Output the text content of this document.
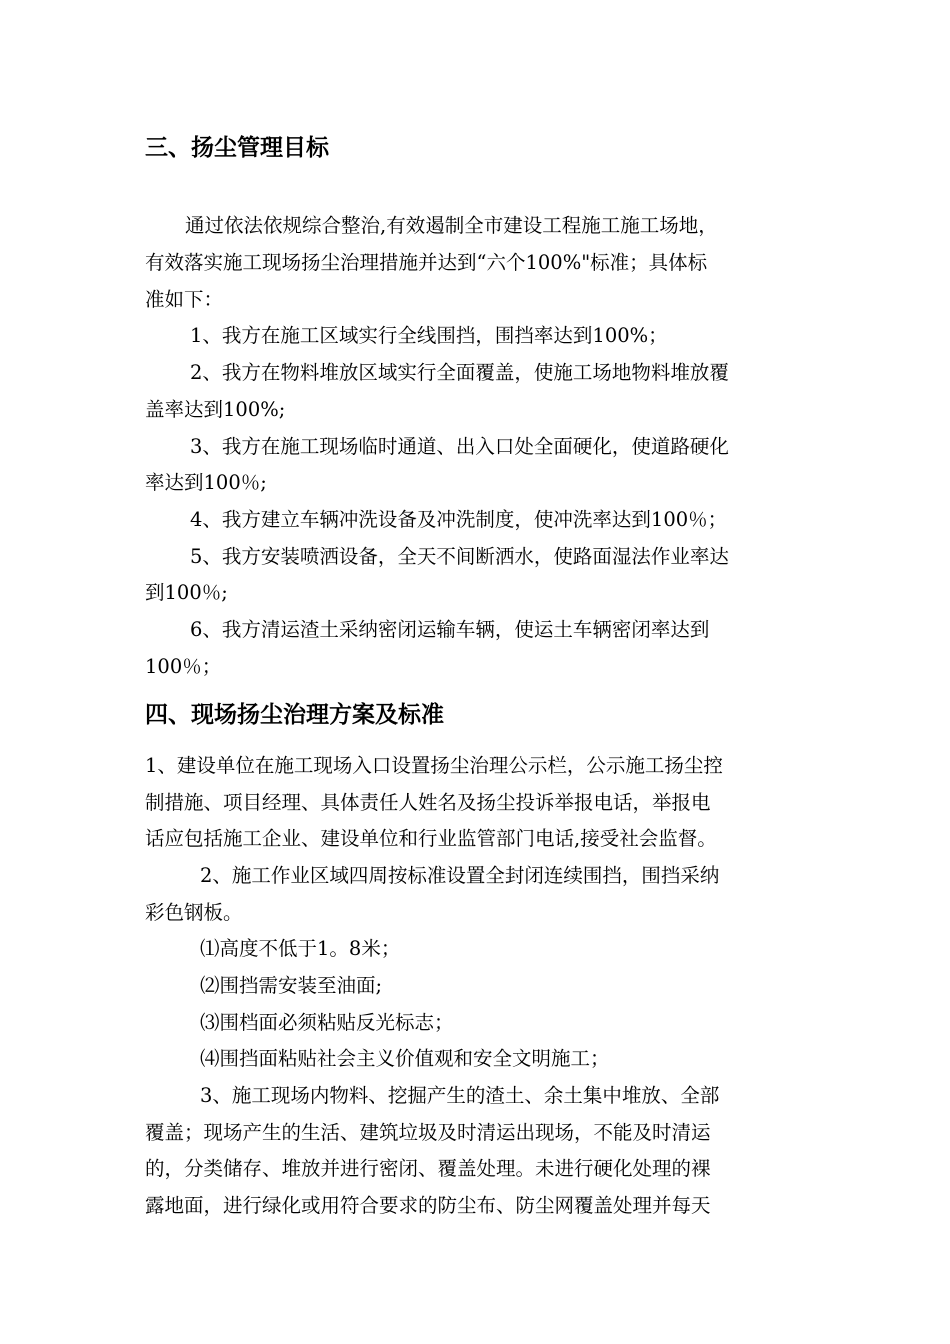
三、扬尘管理目标

通过依法依规综合整治,有效遏制全市建设工程施工施工场地，

有效落实施工现场扬尘治理措施并达到“六个100%"标准；具体标

准如下：

1、我方在施工区域实行全线围挡，围挡率达到100%；

2、我方在物料堆放区域实行全面覆盖，使施工场地物料堆放覆

盖率达到100%;

3、我方在施工现场临时通道、出入口处全面硬化，使道路硬化

率达到100％;

4、我方建立车辆冲洗设备及冲洗制度，使冲洗率达到100％；

5、我方安装喷洒设备，全天不间断洒水，使路面湿法作业率达

到100％;

6、我方清运渣土采纳密闭运输车辆，使运土车辆密闭率达到

100％；

四、现场扬尘治理方案及标准

1、建设单位在施工现场入口设置扬尘治理公示栏，公示施工扬尘控

制措施、项目经理、具体责任人姓名及扬尘投诉举报电话，举报电

话应包括施工企业、建设单位和行业监管部门电话,接受社会监督。

2、施工作业区域四周按标准设置全封闭连续围挡，围挡采纳

彩色钢板。

⑴高度不低于1。8米；

⑵围挡需安装至油面;

⑶围档面必须粘贴反光标志；

⑷围挡面粘贴社会主义价值观和安全文明施工；

3、施工现场内物料、挖掘产生的渣土、余土集中堆放、全部

覆盖；现场产生的生活、建筑垃圾及时清运出现场，不能及时清运

的，分类储存、堆放并进行密闭、覆盖处理。未进行硬化处理的裸

露地面，进行绿化或用符合要求的防尘布、防尘网覆盖处理并每天
